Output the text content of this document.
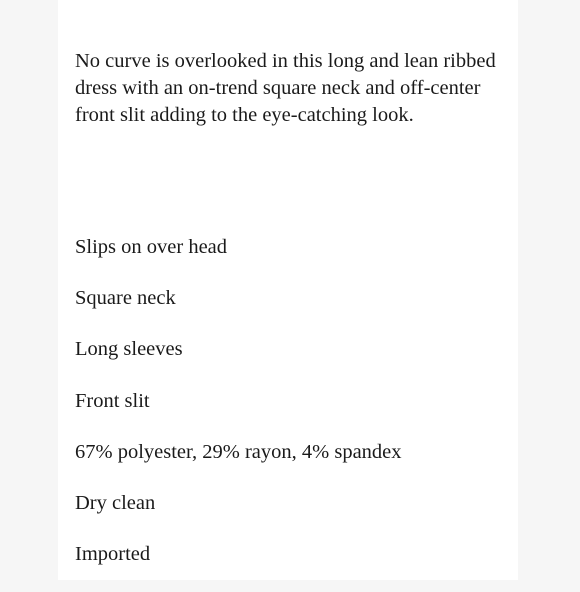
No curve is overlooked in this long and lean ribbed dress with an on-trend square neck and off-center front slit adding to the eye-catching look.

Slips on over head
Square neck
Long sleeves
Front slit
67% polyester, 29% rayon, 4% spandex
Dry clean
Imported
